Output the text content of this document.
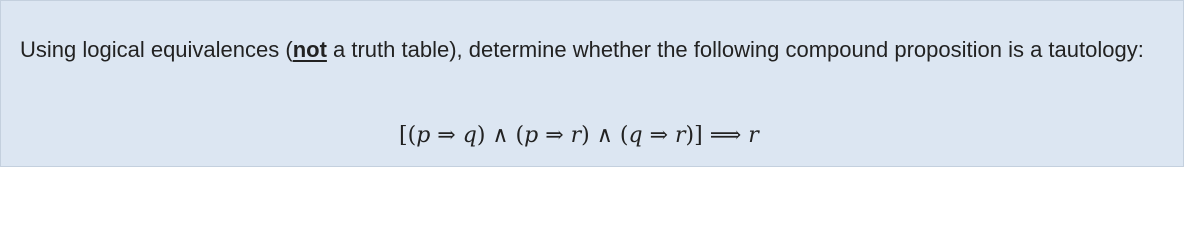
Using logical equivalences (not a truth table), determine whether the following compound proposition is a tautology:

[(p ⇒ q) ∧ (p ⇒ r) ∧ (q ⇒ r)] ⟹ r
